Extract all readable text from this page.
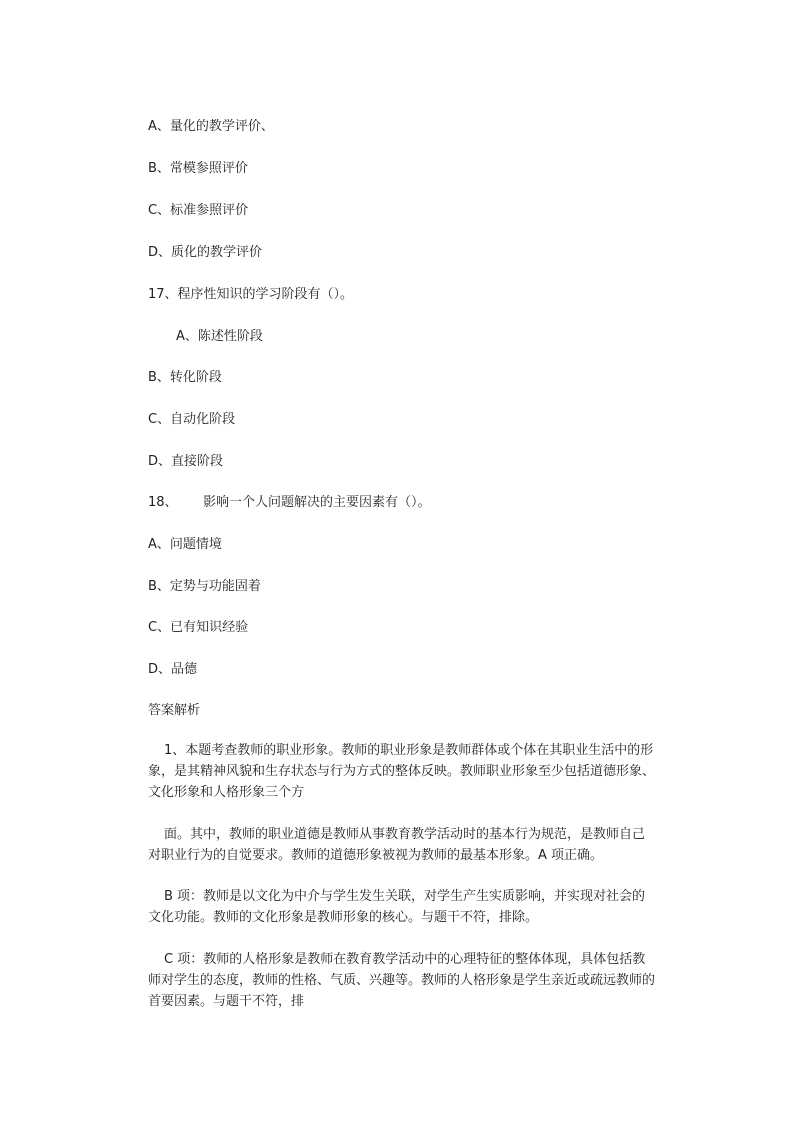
A、量化的教学评价、
B、常模参照评价
C、标准参照评价
D、质化的教学评价
17、程序性知识的学习阶段有（）。
A、陈述性阶段
B、转化阶段
C、自动化阶段
D、直接阶段
18、 影响一个人问题解决的主要因素有（）。
A、问题情境
B、定势与功能固着
C、已有知识经验
D、品德
答案解析
1、本题考查教师的职业形象。教师的职业形象是教师群体或个体在其职业生活中的形
象，是其精神风貌和生存状态与行为方式的整体反映。教师职业形象至少包括道德形象、
文化形象和人格形象三个方
面。其中，教师的职业道德是教师从事教育教学活动时的基本行为规范，是教师自己
对职业行为的自觉要求。教师的道德形象被视为教师的最基本形象。A 项正确。
B 项：教师是以文化为中介与学生发生关联，对学生产生实质影响，并实现对社会的
文化功能。教师的文化形象是教师形象的核心。与题干不符，排除。
C 项：教师的人格形象是教师在教育教学活动中的心理特征的整体体现，具体包括教
师对学生的态度，教师的性格、气质、兴趣等。教师的人格形象是学生亲近或疏远教师的
首要因素。与题干不符，排
